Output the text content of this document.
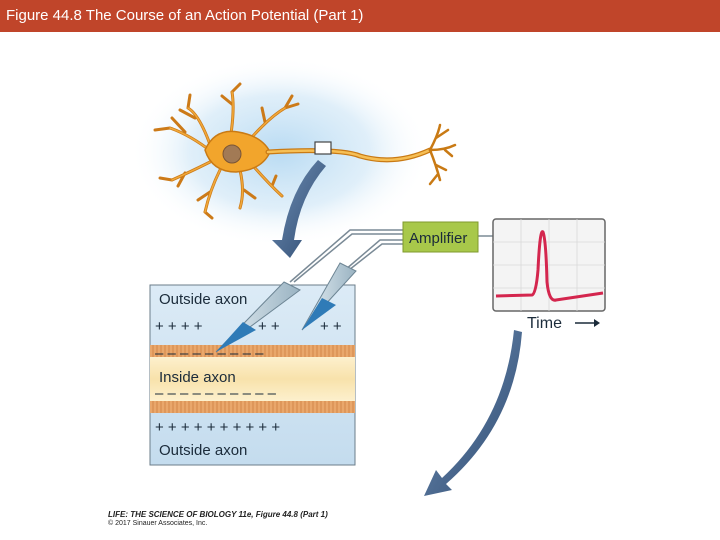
Figure 44.8 The Course of an Action Potential (Part 1)
+ + + +	+ +	+ +
– – – – – – – – –
– – – – – – – – – –
+ + + + + + + + + +
Outside axon
Inside axon
Outside axon
Amplifier
Time
LIFE: THE SCIENCE OF BIOLOGY 11e, Figure 44.8 (Part 1)
© 2017 Sinauer Associates, Inc.
